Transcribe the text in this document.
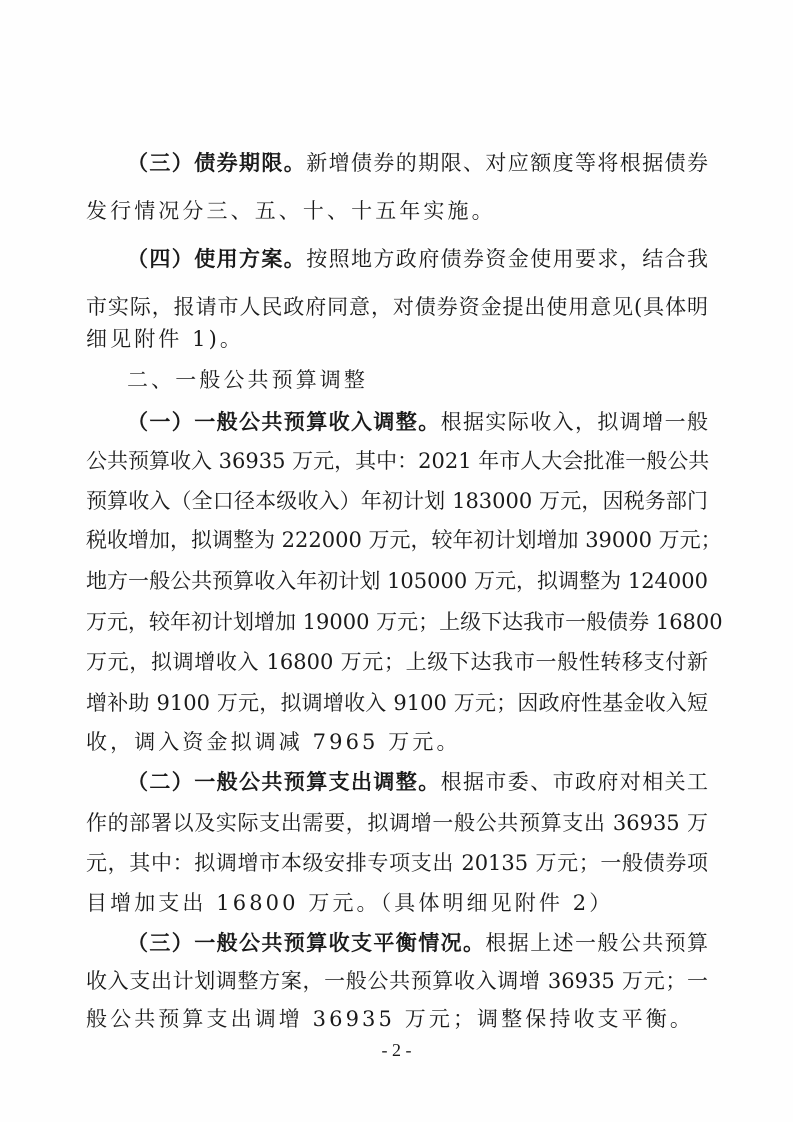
（三）债券期限。新增债券的期限、对应额度等将根据债券
发行情况分三、五、十、十五年实施。
（四）使用方案。按照地方政府债券资金使用要求，结合我
市实际，报请市人民政府同意，对债券资金提出使用意见(具体明
细见附件 1)。
二、一般公共预算调整
（一）一般公共预算收入调整。根据实际收入，拟调增一般
公共预算收入 36935 万元，其中：2021 年市人大会批准一般公共
预算收入（全口径本级收入）年初计划 183000 万元，因税务部门
税收增加，拟调整为 222000 万元，较年初计划增加 39000 万元；
地方一般公共预算收入年初计划 105000 万元，拟调整为 124000
万元，较年初计划增加 19000 万元；上级下达我市一般债券 16800
万元，拟调增收入 16800 万元；上级下达我市一般性转移支付新
增补助 9100 万元，拟调增收入 9100 万元；因政府性基金收入短
收，调入资金拟调减 7965 万元。
（二）一般公共预算支出调整。根据市委、市政府对相关工
作的部署以及实际支出需要，拟调增一般公共预算支出 36935 万
元，其中：拟调增市本级安排专项支出 20135 万元；一般债券项
目增加支出 16800 万元。（具体明细见附件 2）
- 2 -
（三）一般公共预算收支平衡情况。根据上述一般公共预算
收入支出计划调整方案，一般公共预算收入调增 36935 万元；一
般公共预算支出调增 36935 万元；调整保持收支平衡。
